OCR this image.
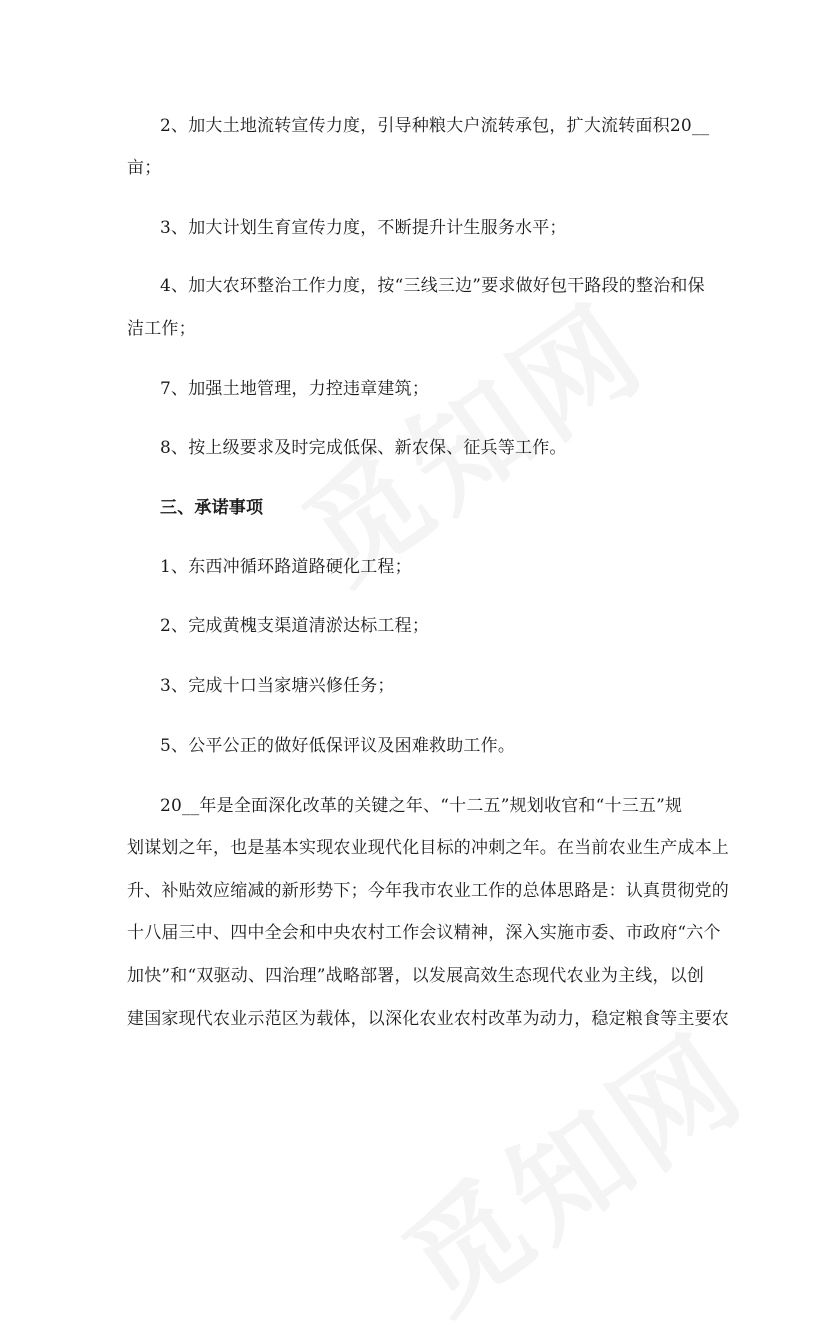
2、加大土地流转宣传力度，引导种粮大户流转承包，扩大流转面积20__
亩；
3、加大计划生育宣传力度，不断提升计生服务水平；
4、加大农环整治工作力度，按“三线三边”要求做好包干路段的整治和保
洁工作；
7、加强土地管理，力控违章建筑；
8、按上级要求及时完成低保、新农保、征兵等工作。
三、承诺事项
1、东西冲循环路道路硬化工程；
2、完成黄槐支渠道清淤达标工程；
3、完成十口当家塘兴修任务；
5、公平公正的做好低保评议及困难救助工作。
20__年是全面深化改革的关键之年、“十二五”规划收官和“十三五”规
划谋划之年，也是基本实现农业现代化目标的冲刺之年。在当前农业生产成本上
升、补贴效应缩减的新形势下；今年我市农业工作的总体思路是：认真贯彻党的
十八届三中、四中全会和中央农村工作会议精神，深入实施市委、市政府“六个
加快”和“双驱动、四治理”战略部署，以发展高效生态现代农业为主线，以创
建国家现代农业示范区为载体，以深化农业农村改革为动力，稳定粮食等主要农
